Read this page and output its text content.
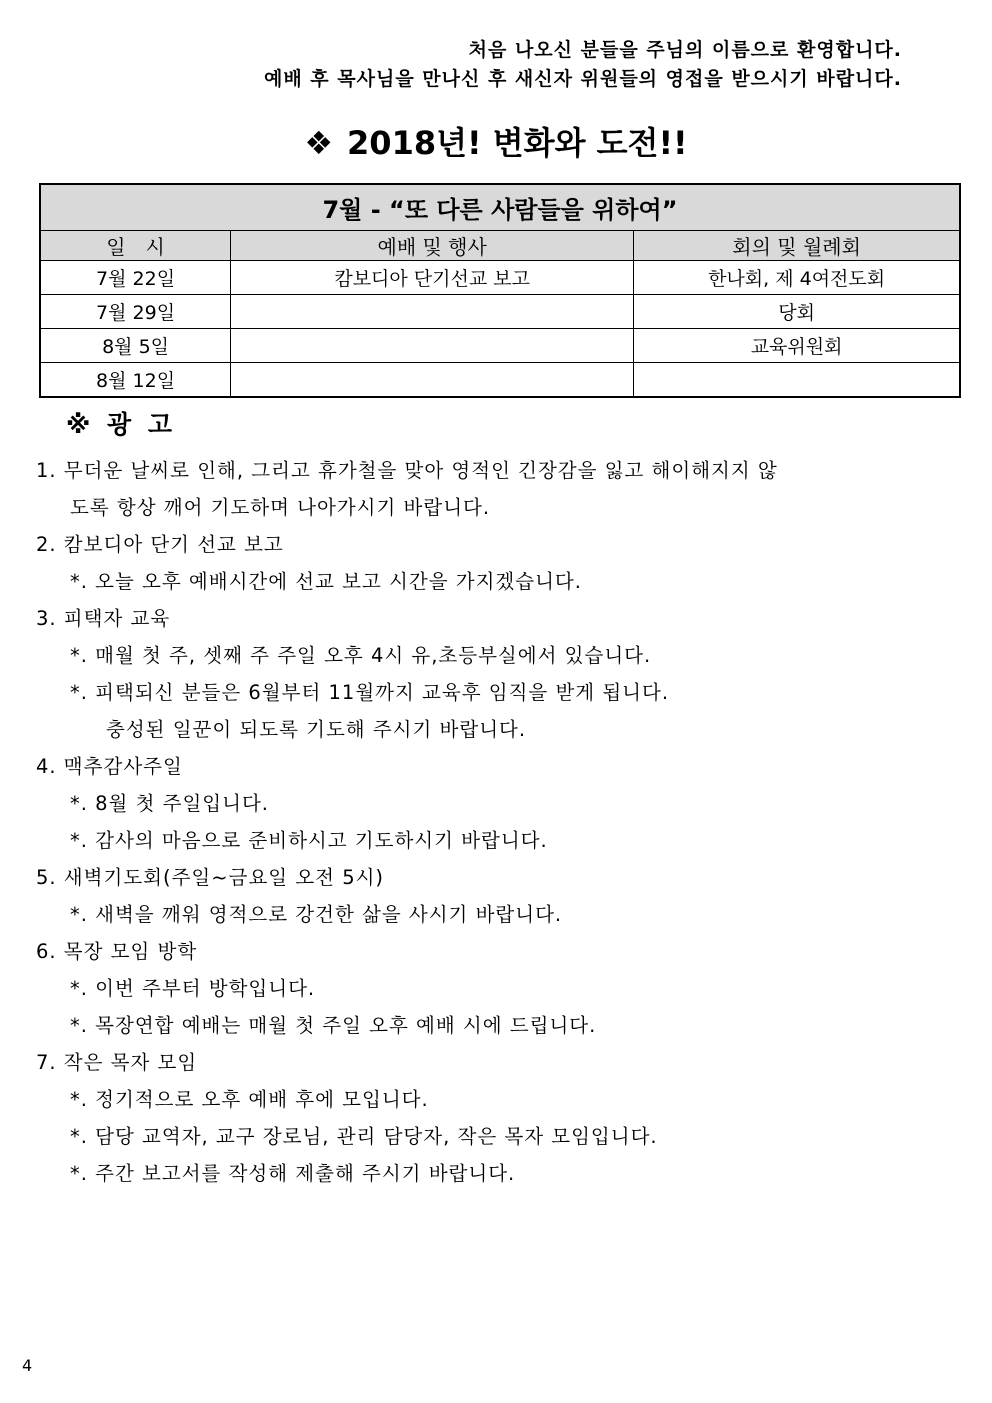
처음 나오신 분들을 주님의 이름으로 환영합니다.
예배 후 목사님을 만나신 후 새신자 위원들의 영접을 받으시기 바랍니다.
❖ 2018년! 변화와 도전!!
7월 - “또 다른 사람들을 위하여”		
일　시	예배 및 행사	회의 및 월례회
7월 22일	캄보디아 단기선교 보고	한나회, 제 4여전도회
7월 29일		당회
8월 5일		교육위원회
8월 12일		
※ 광 고
1. 무더운 날씨로 인해, 그리고 휴가철을 맞아 영적인 긴장감을 잃고 해이해지지 않
도록 항상 깨어 기도하며 나아가시기 바랍니다.
2. 캄보디아 단기 선교 보고
*. 오늘 오후 예배시간에 선교 보고 시간을 가지겠습니다.
3. 피택자 교육
*. 매월 첫 주, 셋째 주 주일 오후 4시 유,초등부실에서 있습니다.
*. 피택되신 분들은 6월부터 11월까지 교육후 임직을 받게 됩니다.
충성된 일꾼이 되도록 기도해 주시기 바랍니다.
4. 맥추감사주일
*. 8월 첫 주일입니다.
*. 감사의 마음으로 준비하시고 기도하시기 바랍니다.
5. 새벽기도회(주일~금요일 오전 5시)
*. 새벽을 깨워 영적으로 강건한 삶을 사시기 바랍니다.
6. 목장 모임 방학
*. 이번 주부터 방학입니다.
*. 목장연합 예배는 매월 첫 주일 오후 예배 시에 드립니다.
7. 작은 목자 모임
*. 정기적으로 오후 예배 후에 모입니다.
*. 담당 교역자, 교구 장로님, 관리 담당자, 작은 목자 모임입니다.
*. 주간 보고서를 작성해 제출해 주시기 바랍니다.
4
